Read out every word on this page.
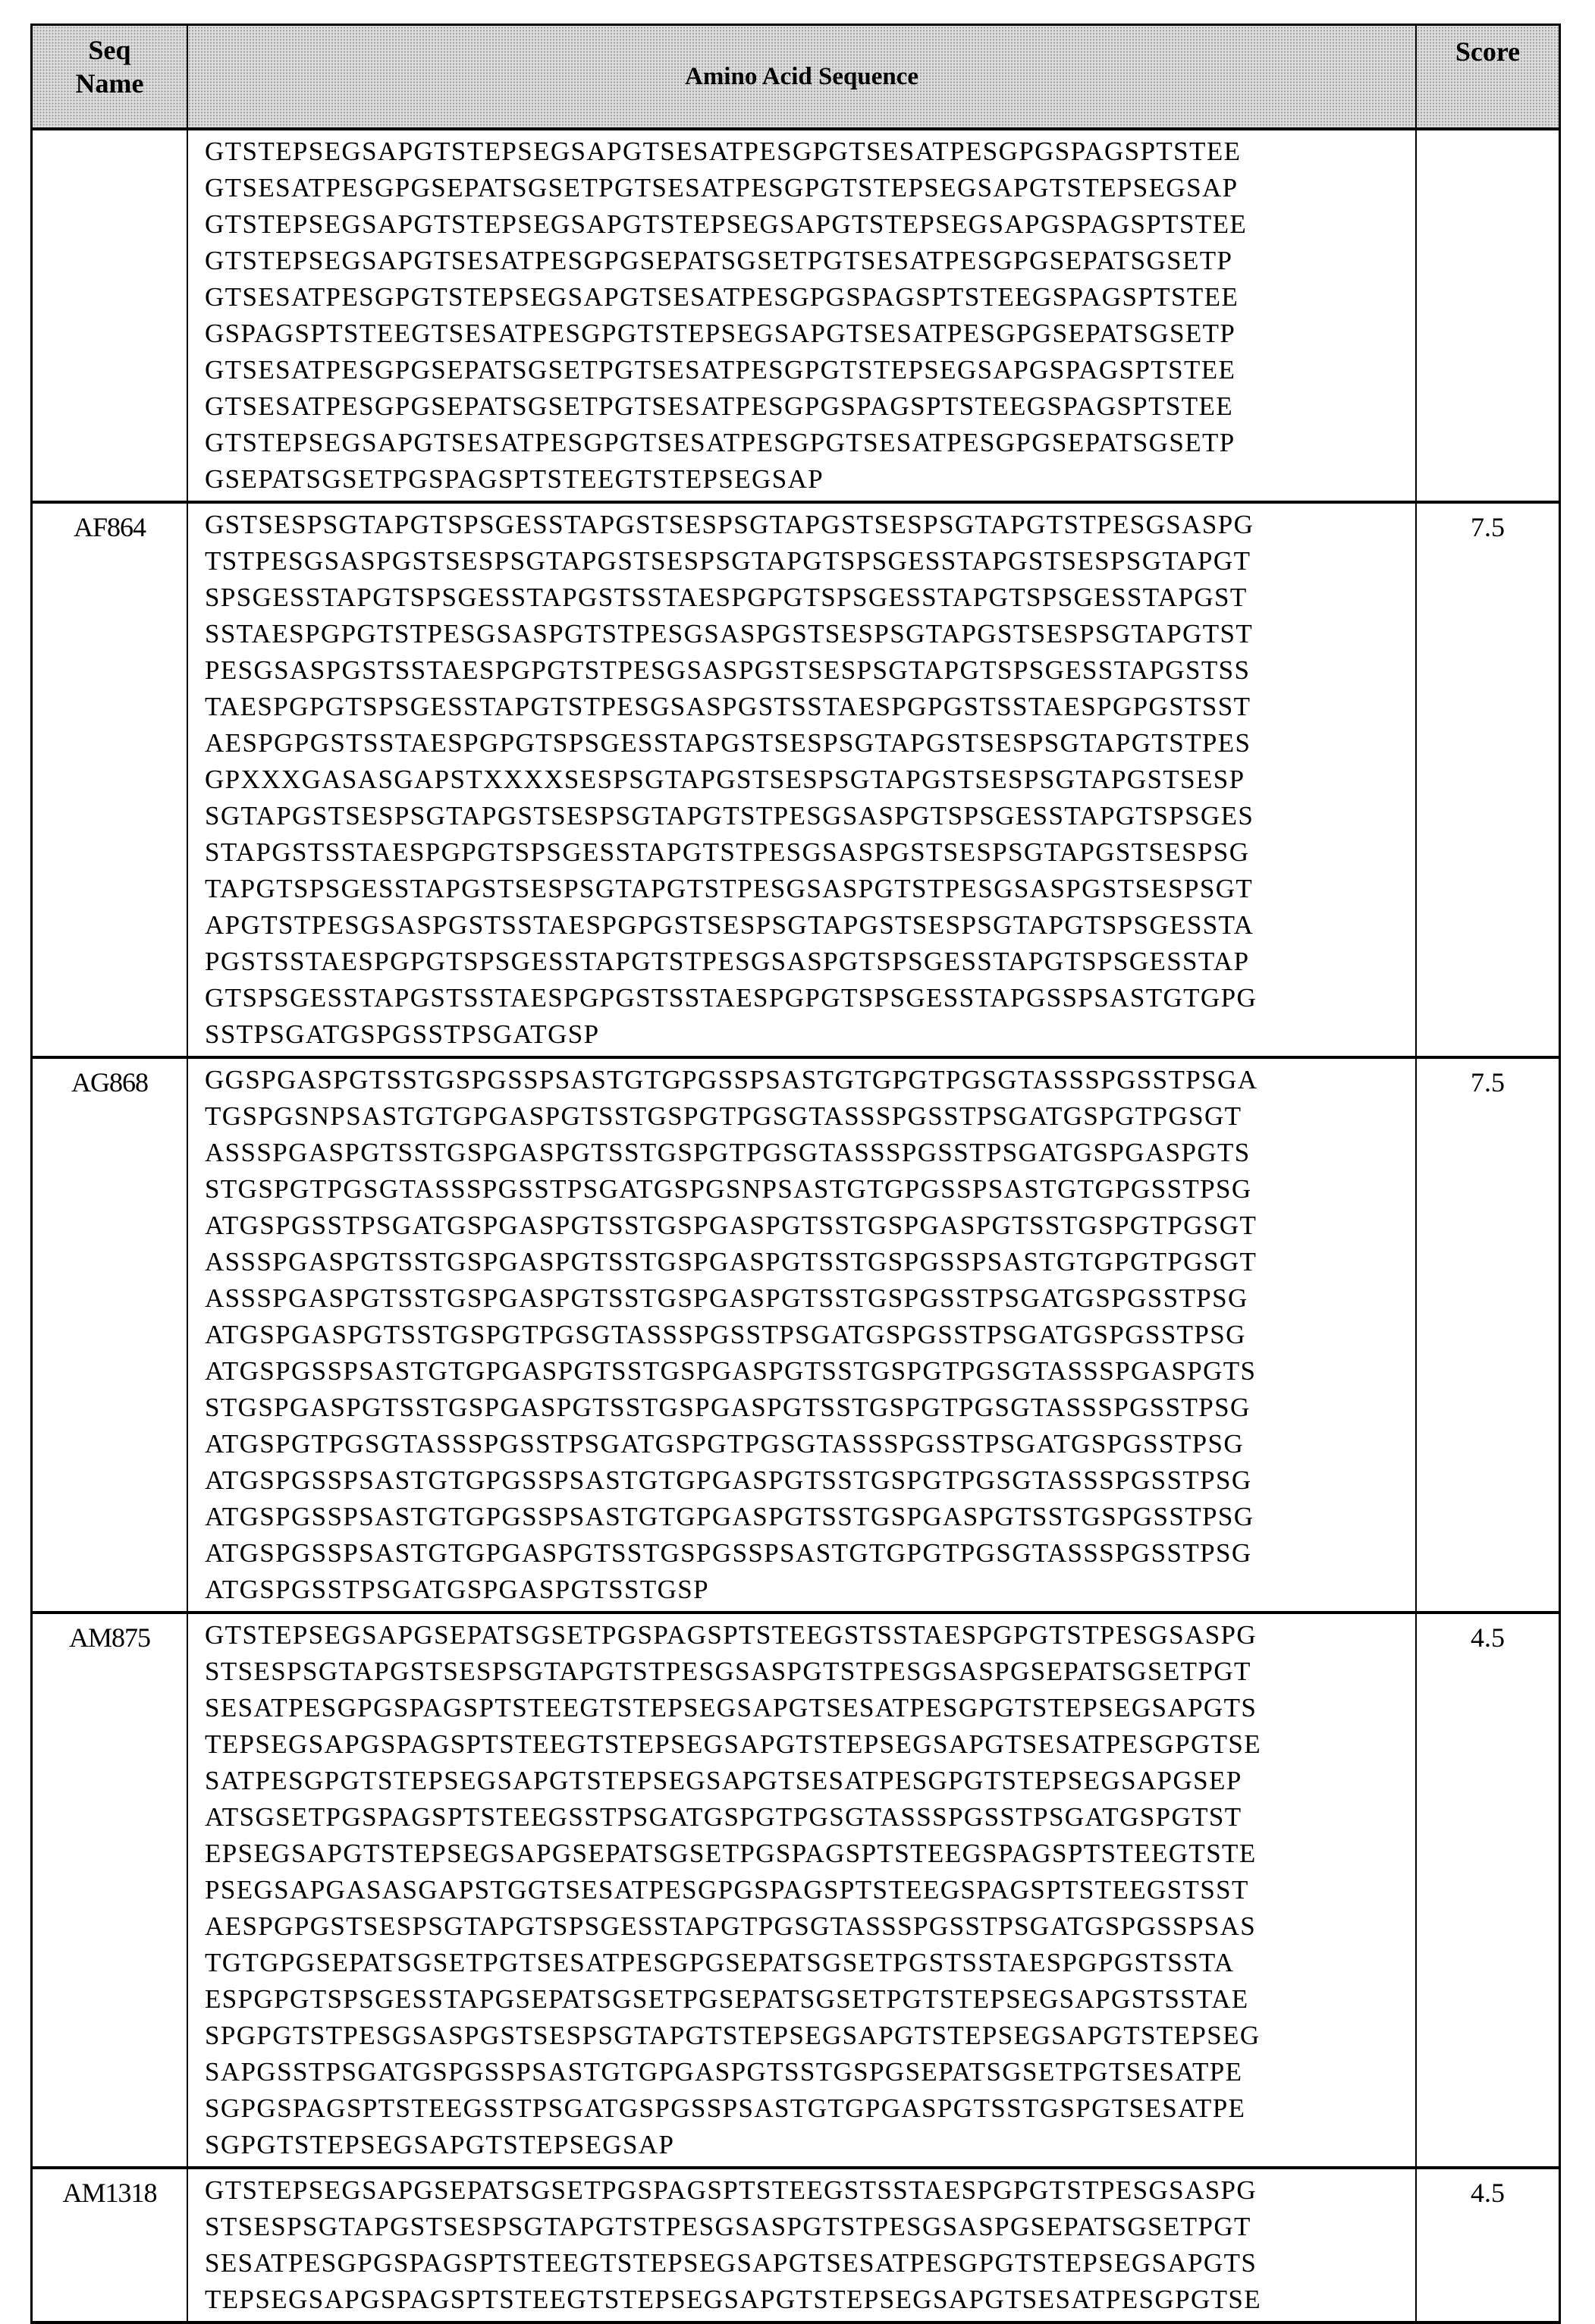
Seq
Name	Amino Acid Sequence	Score

GTSTEPSEGSAPGTSTEPSEGSAPGTSESATPESGPGTSESATPESGPGSPAGSPTSTEE
GTSESATPESGPGSEPATSGSETPGTSESATPESGPGTSTEPSEGSAPGTSTEPSEGSAP
GTSTEPSEGSAPGTSTEPSEGSAPGTSTEPSEGSAPGTSTEPSEGSAPGSPAGSPTSTEE
GTSTEPSEGSAPGTSESATPESGPGSEPATSGSETPGTSESATPESGPGSEPATSGSETP
GTSESATPESGPGTSTEPSEGSAPGTSESATPESGPGSPAGSPTSTEEGSPAGSPTSTEE
GSPAGSPTSTEEGTSESATPESGPGTSTEPSEGSAPGTSESATPESGPGSEPATSGSETP
GTSESATPESGPGSEPATSGSETPGTSESATPESGPGTSTEPSEGSAPGSPAGSPTSTEE
GTSESATPESGPGSEPATSGSETPGTSESATPESGPGSPAGSPTSTEEGSPAGSPTSTEE
GTSTEPSEGSAPGTSESATPESGPGTSESATPESGPGTSESATPESGPGSEPATSGSETP
GSEPATSGSETPGSPAGSPTSTEEGTSTEPSEGSAP

AF864	GSTSESPSGTAPGTSPSGESSTAPGSTSESPSGTAPGSTSESPSGTAPGTSTPESGSASPG
TSTPESGSASPGSTSESPSGTAPGSTSESPSGTAPGTSPSGESSTAPGSTSESPSGTAPGT
SPSGESSTAPGTSPSGESSTAPGSTSSTAESPGPGTSPSGESSTAPGTSPSGESSTAPGST
SSTAESPGPGTSTPESGSASPGTSTPESGSASPGSTSESPSGTAPGSTSESPSGTAPGTST
PESGSASPGSTSSTAESPGPGTSTPESGSASPGSTSESPSGTAPGTSPSGESSTAPGSTSS
TAESPGPGTSPSGESSTAPGTSTPESGSASPGSTSSTAESPGPGSTSSTAESPGPGSTSST
AESPGPGSTSSTAESPGPGTSPSGESSTAPGSTSESPSGTAPGSTSESPSGTAPGTSTPES
GPXXXGASASGAPSTXXXXSESPSGTAPGSTSESPSGTAPGSTSESPSGTAPGSTSESP
SGTAPGSTSESPSGTAPGSTSESPSGTAPGTSTPESGSASPGTSPSGESSTAPGTSPSGES
STAPGSTSSTAESPGPGTSPSGESSTAPGTSTPESGSASPGSTSESPSGTAPGSTSESPSG
TAPGTSPSGESSTAPGSTSESPSGTAPGTSTPESGSASPGTSTPESGSASPGSTSESPSGT
APGTSTPESGSASPGSTSSTAESPGPGSTSESPSGTAPGSTSESPSGTAPGTSPSGESSTA
PGSTSSTAESPGPGTSPSGESSTAPGTSTPESGSASPGTSPSGESSTAPGTSPSGESSTAP
GTSPSGESSTAPGSTSSTAESPGPGSTSSTAESPGPGTSPSGESSTAPGSSPSASTGTGPG
SSTPSGATGSPGSSTPSGATGSP
	7.5
AG868	GGSPGASPGTSSTGSPGSSPSASTGTGPGSSPSASTGTGPGTPGSGTASSSPGSSTPSGA
TGSPGSNPSASTGTGPGASPGTSSTGSPGTPGSGTASSSPGSSTPSGATGSPGTPGSGT
ASSSPGASPGTSSTGSPGASPGTSSTGSPGTPGSGTASSSPGSSTPSGATGSPGASPGTS
STGSPGTPGSGTASSSPGSSTPSGATGSPGSNPSASTGTGPGSSPSASTGTGPGSSTPSG
ATGSPGSSTPSGATGSPGASPGTSSTGSPGASPGTSSTGSPGASPGTSSTGSPGTPGSGT
ASSSPGASPGTSSTGSPGASPGTSSTGSPGASPGTSSTGSPGSSPSASTGTGPGTPGSGT
ASSSPGASPGTSSTGSPGASPGTSSTGSPGASPGTSSTGSPGSSTPSGATGSPGSSTPSG
ATGSPGASPGTSSTGSPGTPGSGTASSSPGSSTPSGATGSPGSSTPSGATGSPGSSTPSG
ATGSPGSSPSASTGTGPGASPGTSSTGSPGASPGTSSTGSPGTPGSGTASSSPGASPGTS
STGSPGASPGTSSTGSPGASPGTSSTGSPGASPGTSSTGSPGTPGSGTASSSPGSSTPSG
ATGSPGTPGSGTASSSPGSSTPSGATGSPGTPGSGTASSSPGSSTPSGATGSPGSSTPSG
ATGSPGSSPSASTGTGPGSSPSASTGTGPGASPGTSSTGSPGTPGSGTASSSPGSSTPSG
ATGSPGSSPSASTGTGPGSSPSASTGTGPGASPGTSSTGSPGASPGTSSTGSPGSSTPSG
ATGSPGSSPSASTGTGPGASPGTSSTGSPGSSPSASTGTGPGTPGSGTASSSPGSSTPSG
ATGSPGSSTPSGATGSPGASPGTSSTGSP
	7.5
AM875	GTSTEPSEGSAPGSEPATSGSETPGSPAGSPTSTEEGSTSSTAESPGPGTSTPESGSASPG
STSESPSGTAPGSTSESPSGTAPGTSTPESGSASPGTSTPESGSASPGSEPATSGSETPGT
SESATPESGPGSPAGSPTSTEEGTSTEPSEGSAPGTSESATPESGPGTSTEPSEGSAPGTS
TEPSEGSAPGSPAGSPTSTEEGTSTEPSEGSAPGTSTEPSEGSAPGTSESATPESGPGTSE
SATPESGPGTSTEPSEGSAPGTSTEPSEGSAPGTSESATPESGPGTSTEPSEGSAPGSEP
ATSGSETPGSPAGSPTSTEEGSSTPSGATGSPGTPGSGTASSSPGSSTPSGATGSPGTST
EPSEGSAPGTSTEPSEGSAPGSEPATSGSETPGSPAGSPTSTEEGSPAGSPTSTEEGTSTE
PSEGSAPGASASGAPSTGGTSESATPESGPGSPAGSPTSTEEGSPAGSPTSTEEGSTSST
AESPGPGSTSESPSGTAPGTSPSGESSTAPGTPGSGTASSSPGSSTPSGATGSPGSSPSAS
TGTGPGSEPATSGSETPGTSESATPESGPGSEPATSGSETPGSTSSTAESPGPGSTSSTA
ESPGPGTSPSGESSTAPGSEPATSGSETPGSEPATSGSETPGTSTEPSEGSAPGSTSSTAE
SPGPGTSTPESGSASPGSTSESPSGTAPGTSTEPSEGSAPGTSTEPSEGSAPGTSTEPSEG
SAPGSSTPSGATGSPGSSPSASTGTGPGASPGTSSTGSPGSEPATSGSETPGTSESATPE
SGPGSPAGSPTSTEEGSSTPSGATGSPGSSPSASTGTGPGASPGTSSTGSPGTSESATPE
SGPGTSTEPSEGSAPGTSTEPSEGSAP
	4.5
AM1318	GTSTEPSEGSAPGSEPATSGSETPGSPAGSPTSTEEGSTSSTAESPGPGTSTPESGSASPG
STSESPSGTAPGSTSESPSGTAPGTSTPESGSASPGTSTPESGSASPGSEPATSGSETPGT
SESATPESGPGSPAGSPTSTEEGTSTEPSEGSAPGTSESATPESGPGTSTEPSEGSAPGTS
TEPSEGSAPGSPAGSPTSTEEGTSTEPSEGSAPGTSTEPSEGSAPGTSESATPESGPGTSE
	4.5
